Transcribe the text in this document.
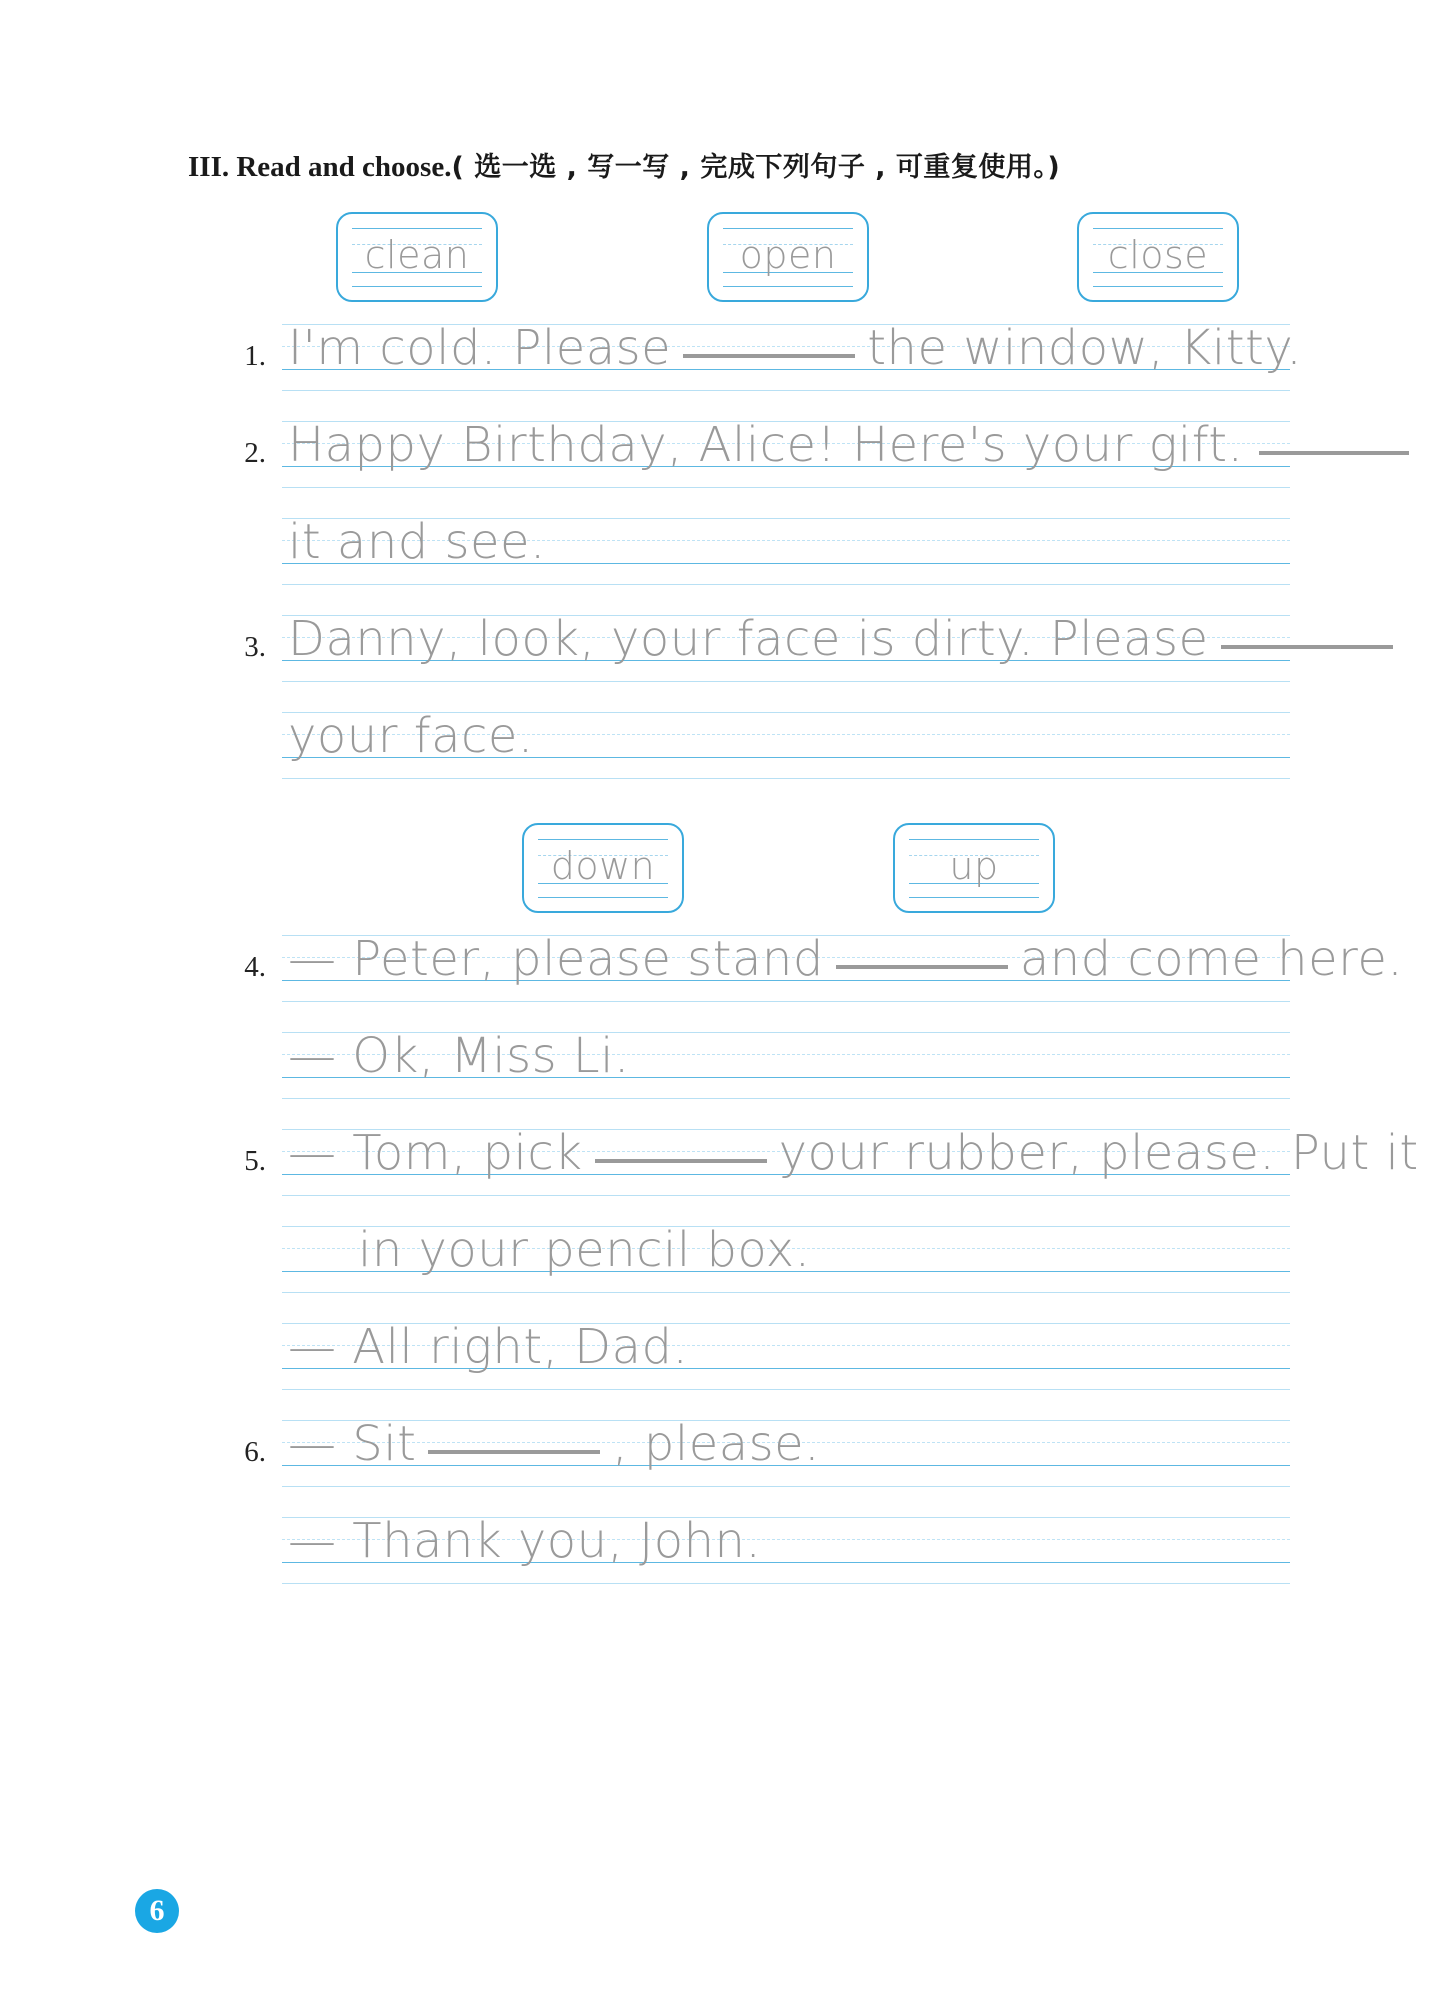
III. Read and choose.( 选一选 , 写一写 , 完成下列句子 , 可重复使用。)
clean	open	close
1. I'm cold. Please	the window, Kitty.
2. Happy Birthday, Alice! Here's your gift.
it and see.
3. Danny, look, your face is dirty. Please
your face.
down	up
4. — Peter, please stand	and come here.
— Ok, Miss Li.
5. — Tom, pick	your rubber, please. Put it
in your pencil box.
— All right, Dad.
6. — Sit	, please.
— Thank you, John.
6
